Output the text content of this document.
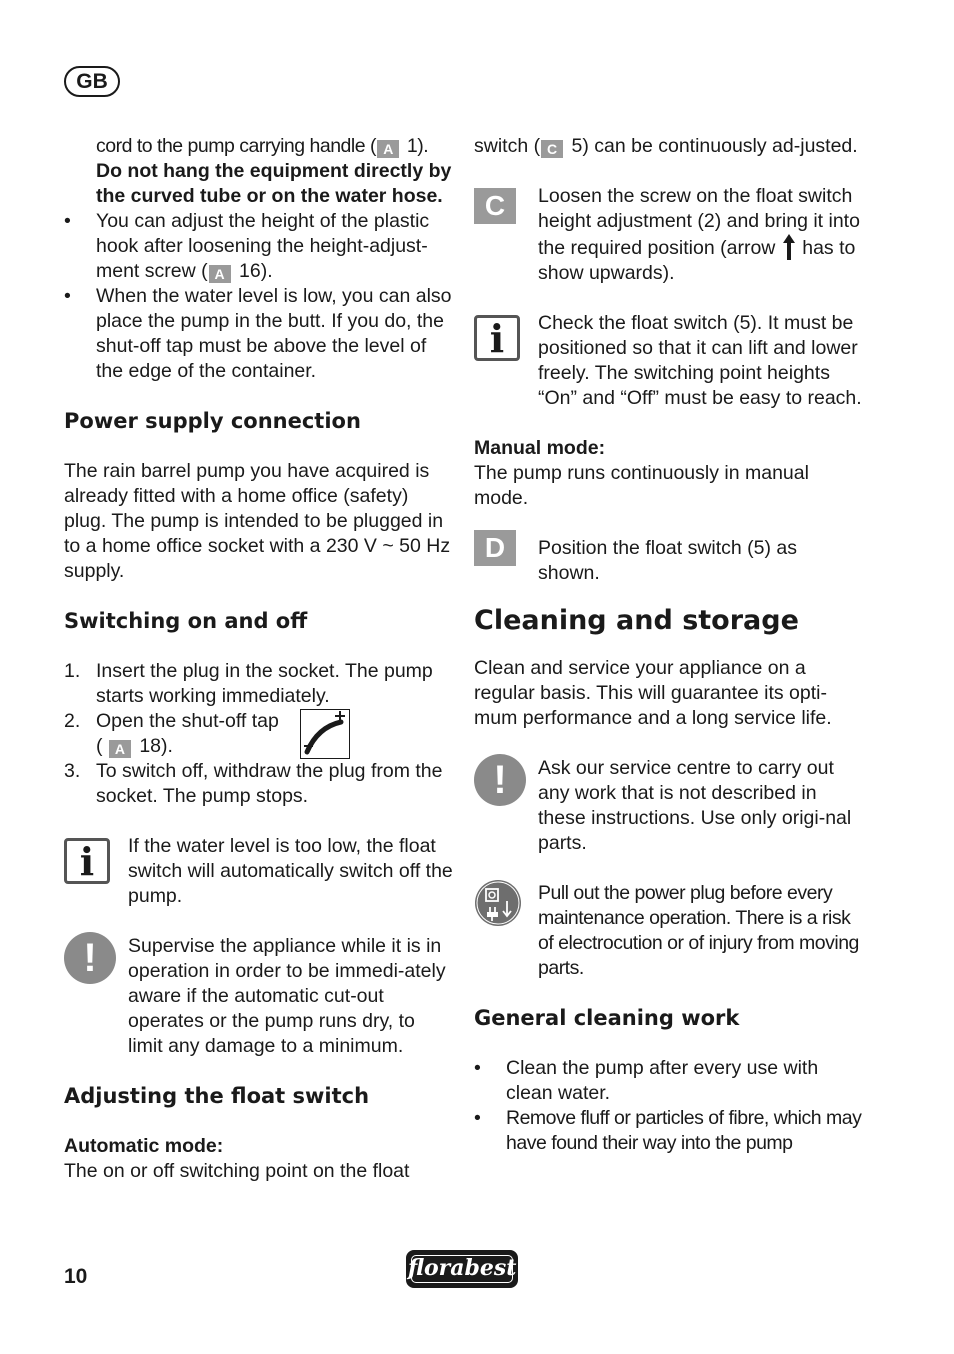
GB

cord to the pump carrying handle ( A 1).

Do not hang the equipment directly by the curved tube or on the water hose.

• You can adjust the height of the plastic hook after loosening the height-adjust-ment screw ( A 16).
• When the water level is low, you can also place the pump in the butt. If you do, the shut-off tap must be above the level of the edge of the container.

Power supply connection

The rain barrel pump you have acquired is already fitted with a home office (safety) plug. The pump is intended to be plugged in to a home office socket with a 230 V ~ 50 Hz supply.

Switching on and off

1. Insert the plug in the socket. The pump starts working immediately.
2. Open the shut-off tap
( A 18).
3. To switch off, withdraw the plug from the socket. The pump stops.
i	If the water level is too low, the float switch will automatically switch off the pump.

!	Supervise the appliance while it is in operation in order to be immedi-ately aware if the automatic cut-out operates or the pump runs dry, to limit any damage to a minimum.

Adjusting the float switch

Automatic mode:

The on or off switching point on the float

switch ( C 5) can be continuously ad-justed.

C	Loosen the screw on the float switch height adjustment (2) and bring it into the required position (arrow has to show upwards).

i	Check the float switch (5). It must be positioned so that it can lift and lower freely. The switching point heights “On” and “Off” must be easy to reach.

Manual mode:

The pump runs continuously in manual mode.

D	Position the float switch (5) as shown.

Cleaning and storage

Clean and service your appliance on a regular basis. This will guarantee its opti-mum performance and a long service life.

!	Ask our service centre to carry out any work that is not described in these instructions. Use only origi-nal parts.

Pull out the power plug before every maintenance operation. There is a risk of electrocution or of injury from moving parts.

General cleaning work

• Clean the pump after every use with clean water.
• Remove fluff or particles of fibre, which may have found their way into the pump
10	florabest
